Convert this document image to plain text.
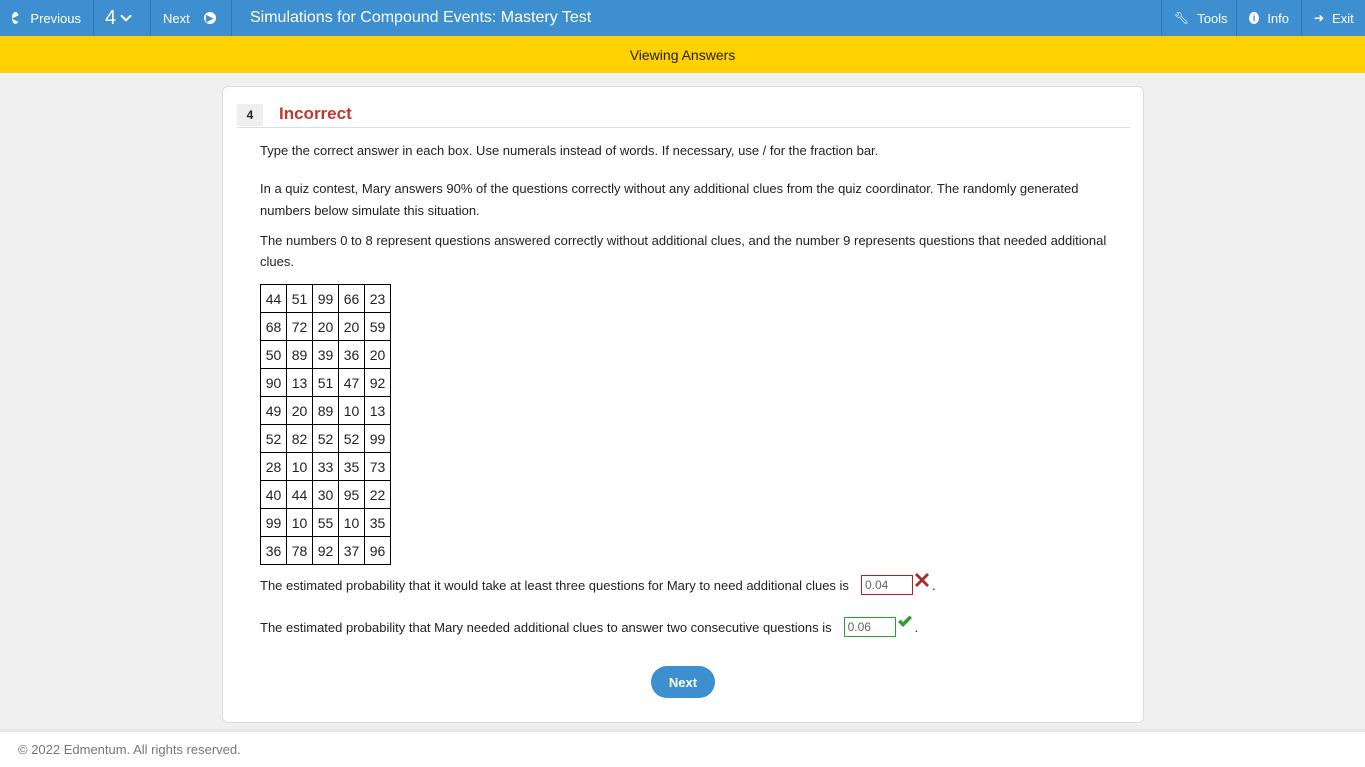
◀ Previous 4	Next ▶	Simulations for Compound Events: Mastery Test	🔧︎ Tools	i Info ➜ Exit
Viewing Answers
4	Incorrect
Type the correct answer in each box. Use numerals instead of words. If necessary, use / for the fraction bar.
In a quiz contest, Mary answers 90% of the questions correctly without any additional clues from the quiz coordinator. The randomly generated numbers below simulate this situation.
The numbers 0 to 8 represent questions answered correctly without additional clues, and the number 9 represents questions that needed additional clues.
44	51	99	66	23
68	72	20	20	59
50	89	39	36	20
90	13	51	47	92
49	20	89	10	13
52	82	52	52	99
28	10	33	35	73
40	44	30	95	22
99	10	55	10	35
36	78	92	37	96
The estimated probability that it would take at least three questions for Mary to need additional clues is
0.04	.
The estimated probability that Mary needed additional clues to answer two consecutive questions is
0.06	.
Next
© 2022 Edmentum. All rights reserved.
